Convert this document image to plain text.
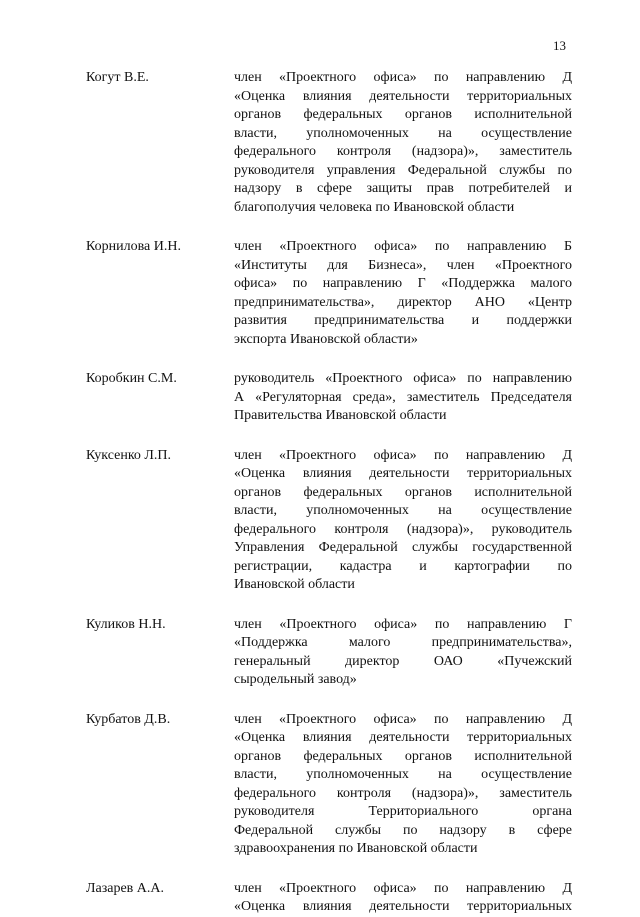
13
Когут В.Е.	член «Проектного офиса» по направлению Д
«Оценка влияния деятельности территориальных
органов федеральных органов исполнительной
власти, уполномоченных на осуществление
федерального контроля (надзора)», заместитель
руководителя управления Федеральной службы по
надзору в сфере защиты прав потребителей и
благополучия человека по Ивановской области
Корнилова И.Н.	член «Проектного офиса» по направлению Б
«Институты для Бизнеса», член «Проектного
офиса» по направлению Г «Поддержка малого
предпринимательства», директор АНО «Центр
развития предпринимательства и поддержки
экспорта Ивановской области»
Коробкин С.М.	руководитель «Проектного офиса» по направлению
А «Регуляторная среда», заместитель Председателя
Правительства Ивановской области
Куксенко Л.П.	член «Проектного офиса» по направлению Д
«Оценка влияния деятельности территориальных
органов федеральных органов исполнительной
власти, уполномоченных на осуществление
федерального контроля (надзора)», руководитель
Управления Федеральной службы государственной
регистрации, кадастра и картографии по
Ивановской области
Куликов Н.Н.	член «Проектного офиса» по направлению Г
«Поддержка малого предпринимательства»,
генеральный директор ОАО «Пучежский
сыродельный завод»
Курбатов Д.В.	член «Проектного офиса» по направлению Д
«Оценка влияния деятельности территориальных
органов федеральных органов исполнительной
власти, уполномоченных на осуществление
федерального контроля (надзора)», заместитель
руководителя Территориального органа
Федеральной службы по надзору в сфере
здравоохранения по Ивановской области
Лазарев А.А.	член «Проектного офиса» по направлению Д
«Оценка влияния деятельности территориальных
